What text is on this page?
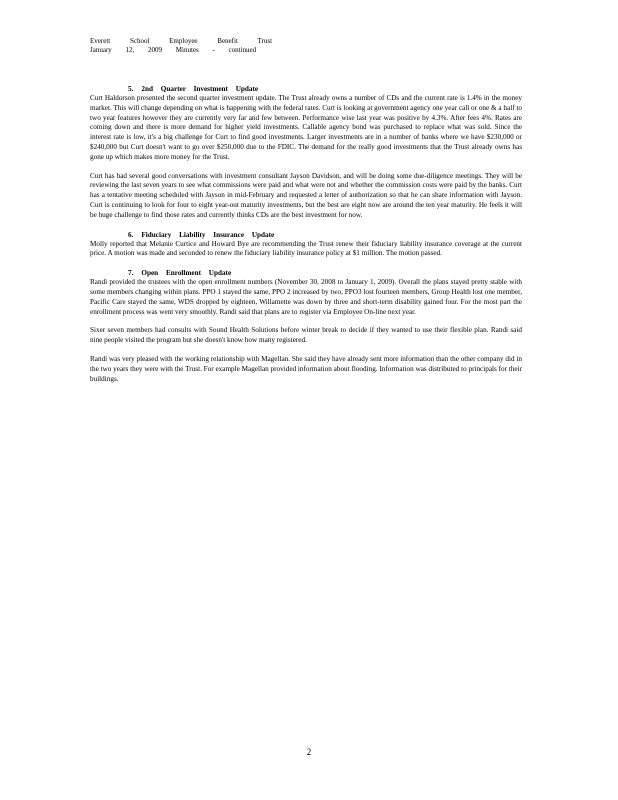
Everett School Employee Benefit Trust
January 12, 2009 Minutes - continued
5. 2nd Quarter Investment Update

Curt Haldorson presented the second quarter investment update. The Trust already owns a number of CDs and the current rate is 1.4% in the money market. This will change depending on what is happening with the federal rates. Curt is looking at government agency one year call or one & a half to two year features however they are currently very far and few between. Performance wise last year was positive by 4.3%. After fees 4%. Rates are coming down and there is more demand for higher yield investments. Callable agency bond was purchased to replace what was sold. Since the interest rate is low, it's a big challenge for Curt to find good investments. Larger investments are in a number of banks where we have $230,000 or $240,000 but Curt doesn't want to go over $250,000 due to the FDIC. The demand for the really good investments that the Trust already owns has gone up which makes more money for the Trust.

Curt has had several good conversations with investment consultant Jayson Davidson, and will be doing some due-diligence meetings. They will be reviewing the last seven years to see what commissions were paid and what were not and whether the commission costs were paid by the banks. Curt has a tentative meeting scheduled with Jayson in mid-February and requested a letter of authorization so that he can share information with Jayson. Curt is continuing to look for four to eight year-out maturity investments, but the best are eight now are around the ten year maturity. He feels it will be huge challenge to find those rates and currently thinks CDs are the best investment for now.

6. Fiduciary Liability Insurance Update

Molly reported that Melanie Curtice and Howard Bye are recommending the Trust renew their fiduciary liability insurance coverage at the current price. A motion was made and seconded to renew the fiduciary liability insurance policy at $1 million. The motion passed.

7. Open Enrollment Update

Randi provided the trustees with the open enrollment numbers (November 30, 2008 to January 1, 2009). Overall the plans stayed pretty stable with some members changing within plans. PPO 1 stayed the same, PPO 2 increased by two, PPO3 lost fourteen members, Group Health lost one member, Pacific Care stayed the same, WDS dropped by eighteen, Willamette was down by three and short-term disability gained four. For the most part the enrollment process was went very smoothly. Randi said that plans are to register via Employee On-line next year.

Sixer seven members had consults with Sound Health Solutions before winter break to decide if they wanted to use their flexible plan. Randi said nine people visited the program but she doesn't know how many registered.

Randi was very pleased with the working relationship with Magellan. She said they have already sent more information than the other company did in the two years they were with the Trust. For example Magellan provided information about flooding. Information was distributed to principals for their buildings.

2
